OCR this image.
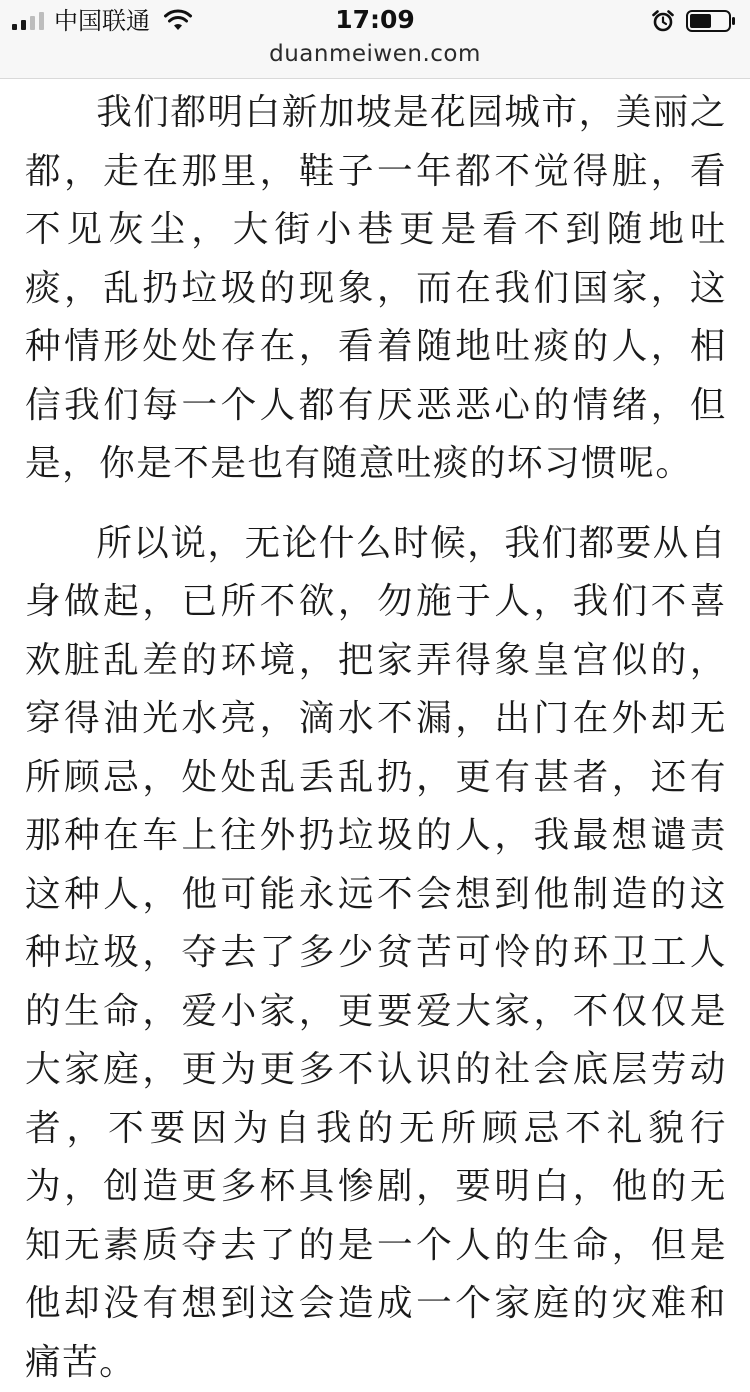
中国联通	17:09
duanmeiwen.com

我们都明白新加坡是花园城市，美丽之都，走在那里，鞋子一年都不觉得脏，看不见灰尘，大街小巷更是看不到随地吐痰，乱扔垃圾的现象，而在我们国家，这种情形处处存在，看着随地吐痰的人，相信我们每一个人都有厌恶恶心的情绪，但是，你是不是也有随意吐痰的坏习惯呢。

所以说，无论什么时候，我们都要从自身做起，已所不欲，勿施于人，我们不喜欢脏乱差的环境，把家弄得象皇宫似的，穿得油光水亮，滴水不漏，出门在外却无所顾忌，处处乱丢乱扔，更有甚者，还有那种在车上往外扔垃圾的人，我最想谴责这种人，他可能永远不会想到他制造的这种垃圾，夺去了多少贫苦可怜的环卫工人的生命，爱小家，更要爱大家，不仅仅是大家庭，更为更多不认识的社会底层劳动者，不要因为自我的无所顾忌不礼貌行为，创造更多杯具惨剧，要明白，他的无知无素质夺去了的是一个人的生命，但是他却没有想到这会造成一个家庭的灾难和痛苦。
